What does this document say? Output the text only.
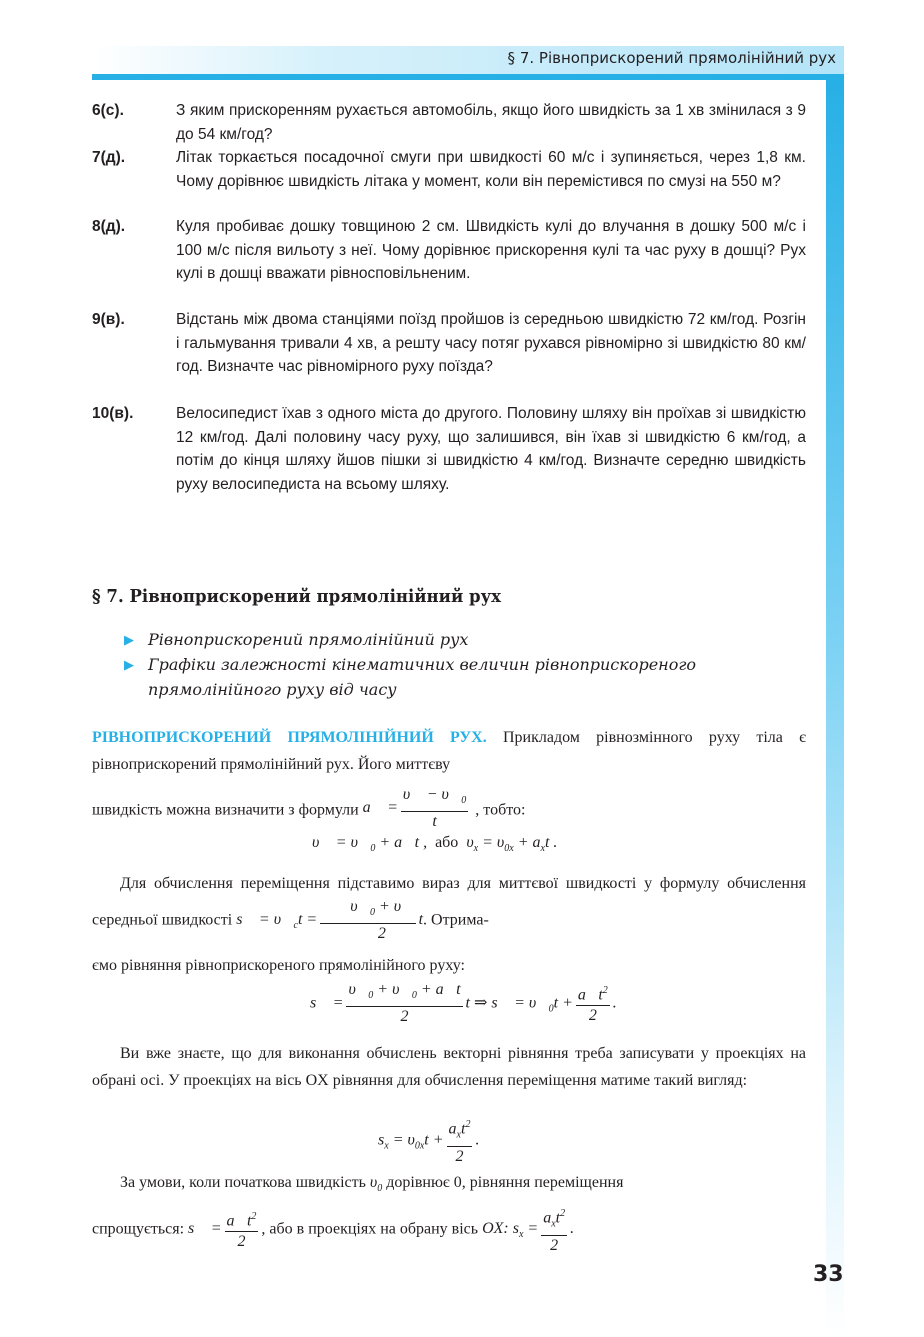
§ 7. Рівноприскорений прямолінійний рух
6(с).	З яким прискоренням рухається автомобіль, якщо його швидкість за 1 хв змінилася з 9 до 54 км/год?
7(д).	Літак торкається посадочної смуги при швидкості 60 м/с і зупиняється, через 1,8 км. Чому дорівнює швидкість літака у момент, коли він перемістився по смузі на 550 м?
8(д).	Куля пробиває дошку товщиною 2 см. Швидкість кулі до влучання в дошку 500 м/с і 100 м/с після вильоту з неї. Чому дорівнює прискорення кулі та час руху в дошці? Рух кулі в дошці вважати рівносповільненим.
9(в).	Відстань між двома станціями поїзд пройшов із середньою швидкістю 72 км/год. Розгін і гальмування тривали 4 хв, а решту часу потяг рухався рівномірно зі швидкістю 80 км/год. Визначте час рівномірного руху поїзда?
10(в).	Велосипедист їхав з одного міста до другого. Половину шляху він проїхав зі швидкістю 12 км/год. Далі половину часу руху, що залишився, він їхав зі швидкістю 6 км/год, а потім до кінця шляху йшов пішки зі швидкістю 4 км/год. Визначте середню швидкість руху велосипедиста на всьому шляху.
§ 7. Рівноприскорений прямолінійний рух
▶ Рівноприскорений прямолінійний рух
▶ Графіки залежності кінематичних величин рівноприскореного прямолінійного руху від часу
РІВНОПРИСКОРЕНИЙ ПРЯМОЛІНІЙНИЙ РУХ. Прикладом рівнозмінного руху тіла є рівноприскорений прямолінійний рух. Його миттєву
швидкість можна визначити з формули a⃗ = $\frac{\upsilon⃗ - \upsilon⃗_0}{t}$ , тобто:
υ⃗ = $\upsilon⃗_0$ + a⃗t ,  або  $\upsilon_x = \upsilon_{0x} + a_xt$ .
Для обчислення переміщення підставимо вираз для миттєвої швидкості у формулу обчислення середньої швидкості s⃗ = $\upsilon⃗_ct = \frac{\upsilon⃗_0 + \upsilon⃗}{2} t$. Отрима-
ємо рівняння рівноприскореного прямолінійного руху:
s⃗ = $\frac{\upsilon⃗_0 + \upsilon⃗_0 + a⃗t}{2}$ t ⇒ s⃗ = $\upsilon⃗_0t + \frac{a⃗t^2}{2}$ .
Ви вже знаєте, що для виконання обчислень векторні рівняння треба записувати у проекціях на обрані осі. У проекціях на вісь OX рівняння для обчислення переміщення матиме такий вигляд:
$s_x = \upsilon_{0x}t + \frac{a_xt^2}{2}$ .
За умови, коли початкова швидкість $\upsilon_0$ дорівнює 0, рівняння переміщення
спрощується: s⃗ = $\frac{a⃗t^2}{2}$ , або в проекціях на обрану вісь OX: $s_x = \frac{a_xt^2}{2}$ .
33
